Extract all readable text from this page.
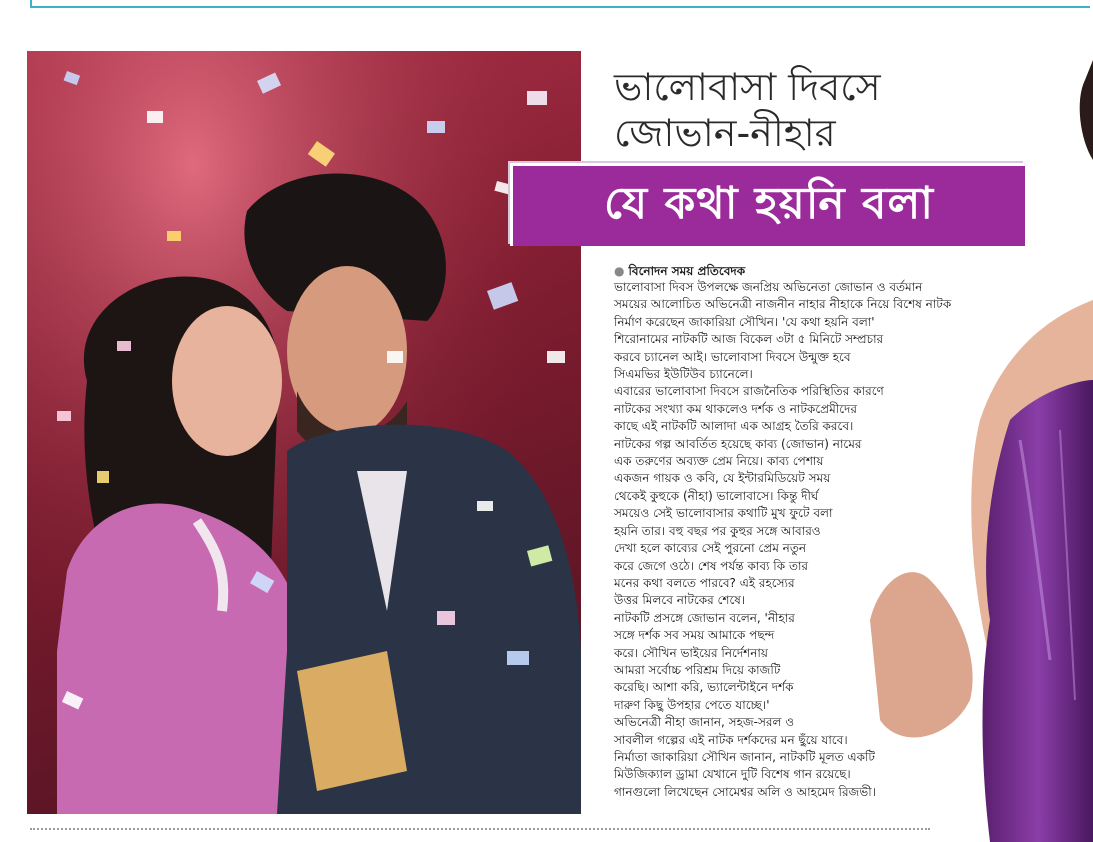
ভালোবাসা দিবসে
জোভান-নীহার
যে কথা হয়নি বলা
● বিনোদন সময় প্রতিবেদক
ভালোবাসা দিবস উপলক্ষে জনপ্রিয় অভিনেতা জোভান ও বর্তমান
সময়ের আলোচিত অভিনেত্রী নাজনীন নাহার নীহাকে নিয়ে বিশেষ নাটক
নির্মাণ করেছেন জাকারিয়া সৌখিন। 'যে কথা হয়নি বলা'
শিরোনামের নাটকটি আজ বিকেল ৩টা ৫ মিনিটে সম্প্রচার
করবে চ্যানেল আই। ভালোবাসা দিবসে উন্মুক্ত হবে
সিএমভির ইউটিউব চ্যানেলে।
এবারের ভালোবাসা দিবসে রাজনৈতিক পরিস্থিতির কারণে
নাটকের সংখ্যা কম থাকলেও দর্শক ও নাটকপ্রেমীদের
কাছে এই নাটকটি আলাদা এক আগ্রহ তৈরি করবে।
নাটকের গল্প আবর্তিত হয়েছে কাব্য (জোভান) নামের
এক তরুণের অব্যক্ত প্রেম নিয়ে। কাব্য পেশায়
একজন গায়ক ও কবি, যে ইন্টারমিডিয়েট সময়
থেকেই কুহুকে (নীহা) ভালোবাসে। কিন্তু দীর্ঘ
সময়েও সেই ভালোবাসার কথাটি মুখ ফুটে বলা
হয়নি তার। বহু বছর পর কুহুর সঙ্গে আবারও
দেখা হলে কাব্যের সেই পুরনো প্রেম নতুন
করে জেগে ওঠে। শেষ পর্যন্ত কাব্য কি তার
মনের কথা বলতে পারবে? এই রহস্যের
উত্তর মিলবে নাটকের শেষে।
নাটকটি প্রসঙ্গে জোভান বলেন, 'নীহার
সঙ্গে দর্শক সব সময় আমাকে পছন্দ
করে। সৌখিন ভাইয়ের নির্দেশনায়
আমরা সর্বোচ্চ পরিশ্রম দিয়ে কাজটি
করেছি। আশা করি, ভ্যালেন্টাইনে দর্শক
দারুণ কিছু উপহার পেতে যাচ্ছে।'
অভিনেত্রী নীহা জানান, সহজ-সরল ও
সাবলীল গল্পের এই নাটক দর্শকদের মন ছুঁয়ে যাবে।
নির্মাতা জাকারিয়া সৌখিন জানান, নাটকটি মূলত একটি
মিউজিক্যাল ড্রামা যেখানে দুটি বিশেষ গান রয়েছে।
গানগুলো লিখেছেন সোমেশ্বর অলি ও আহমেদ রিজভী।
